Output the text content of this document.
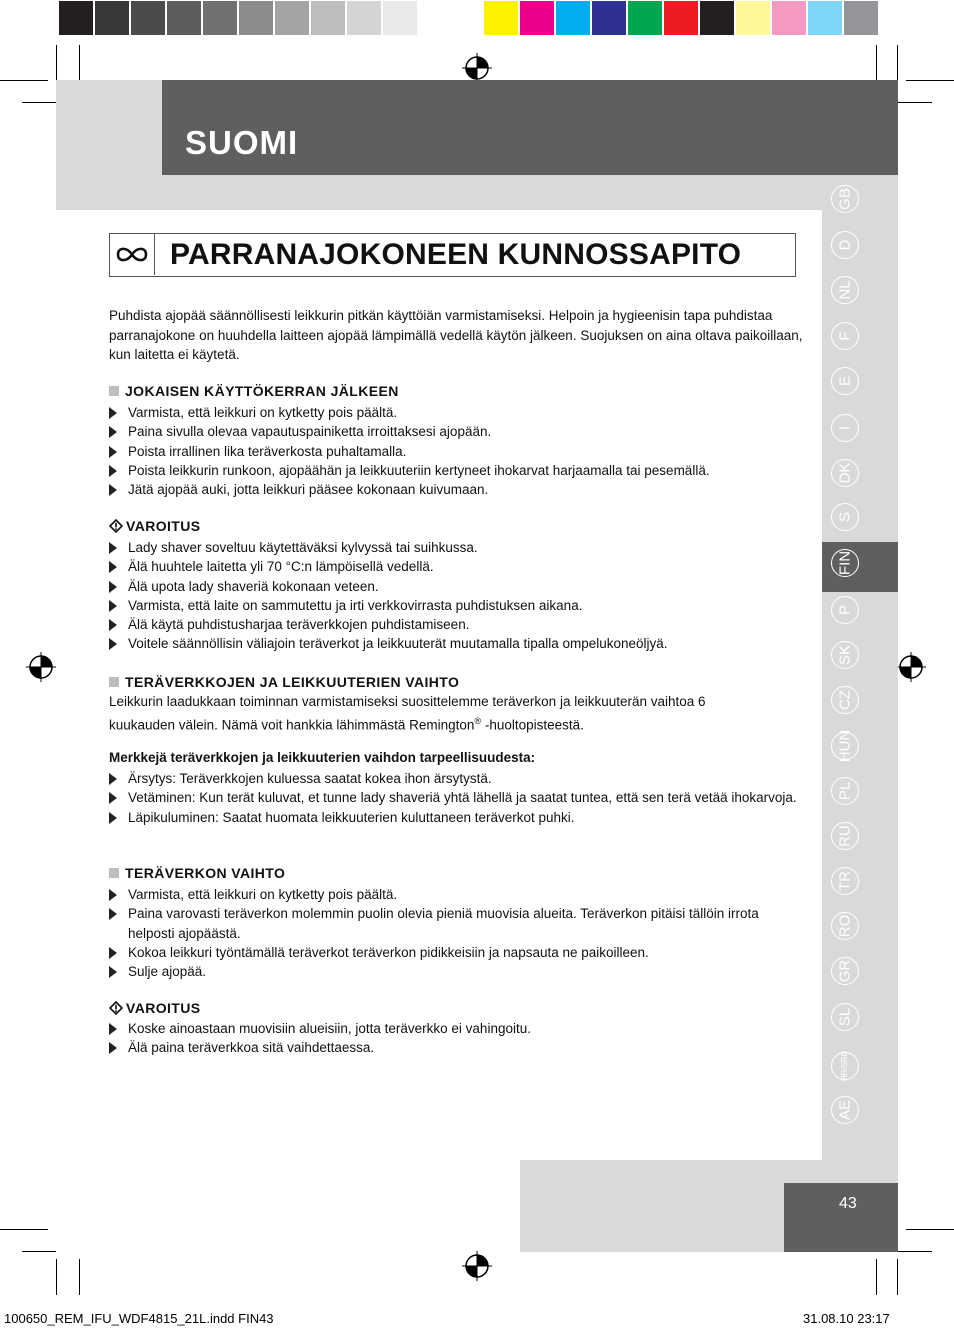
SUOMI
GB
D
NL
F
E
I
DK
S
FIN
P
SK
CZ
HUN
PL
RU
TR
RO
GR
SL
HR/SRB
AE
43
PARRANAJOKONEEN KUNNOSSAPITO
Puhdista ajopää säännöllisesti leikkurin pitkän käyttöiän varmistamiseksi. Helpoin ja hygieenisin tapa puhdistaa parranajokone on huuhdella laitteen ajopää lämpimällä vedellä käytön jälkeen. Suojuksen on aina oltava paikoillaan, kun laitetta ei käytetä.
JOKAISEN KÄYTTÖKERRAN JÄLKEEN
Varmista, että leikkuri on kytketty pois päältä.
Paina sivulla olevaa vapautuspainiketta irroittaksesi ajopään.
Poista irrallinen lika teräverkosta puhaltamalla.
Poista leikkurin runkoon, ajopäähän ja leikkuuteriin kertyneet ihokarvat harjaamalla tai pesemällä.
Jätä ajopää auki, jotta leikkuri pääsee kokonaan kuivumaan.
VAROITUS
Lady shaver soveltuu käytettäväksi kylvyssä tai suihkussa.
Älä huuhtele laitetta yli 70 °C:n lämpöisellä vedellä.
Älä upota lady shaveriä kokonaan veteen.
Varmista, että laite on sammutettu ja irti verkkovirrasta puhdistuksen aikana.
Älä käytä puhdistusharjaa teräverkkojen puhdistamiseen.
Voitele säännöllisin väliajoin teräverkot ja leikkuuterät muutamalla tipalla ompelukoneöljyä.
TERÄVERKKOJEN JA LEIKKUUTERIEN VAIHTO
Leikkurin laadukkaan toiminnan varmistamiseksi suosittelemme teräverkon ja leikkuuterän vaihtoa 6
kuukauden välein. Nämä voit hankkia lähimmästä Remington® -huoltopisteestä.
Merkkejä teräverkkojen ja leikkuuterien vaihdon tarpeellisuudesta:
Ärsytys: Teräverkkojen kuluessa saatat kokea ihon ärsytystä.
Vetäminen: Kun terät kuluvat, et tunne lady shaveriä yhtä lähellä ja saatat tuntea, että sen terä vetää ihokarvoja.
Läpikuluminen: Saatat huomata leikkuuterien kuluttaneen teräverkot puhki.
TERÄVERKON VAIHTO
Varmista, että leikkuri on kytketty pois päältä.
Paina varovasti teräverkon molemmin puolin olevia pieniä muovisia alueita. Teräverkon pitäisi tällöin irrota helposti ajopäästä.
Kokoa leikkuri työntämällä teräverkot teräverkon pidikkeisiin ja napsauta ne paikoilleen.
Sulje ajopää.
VAROITUS
Koske ainoastaan muovisiin alueisiin, jotta teräverkko ei vahingoitu.
Älä paina teräverkkoa sitä vaihdettaessa.
100650_REM_IFU_WDF4815_21L.indd FIN43	31.08.10 23:17
